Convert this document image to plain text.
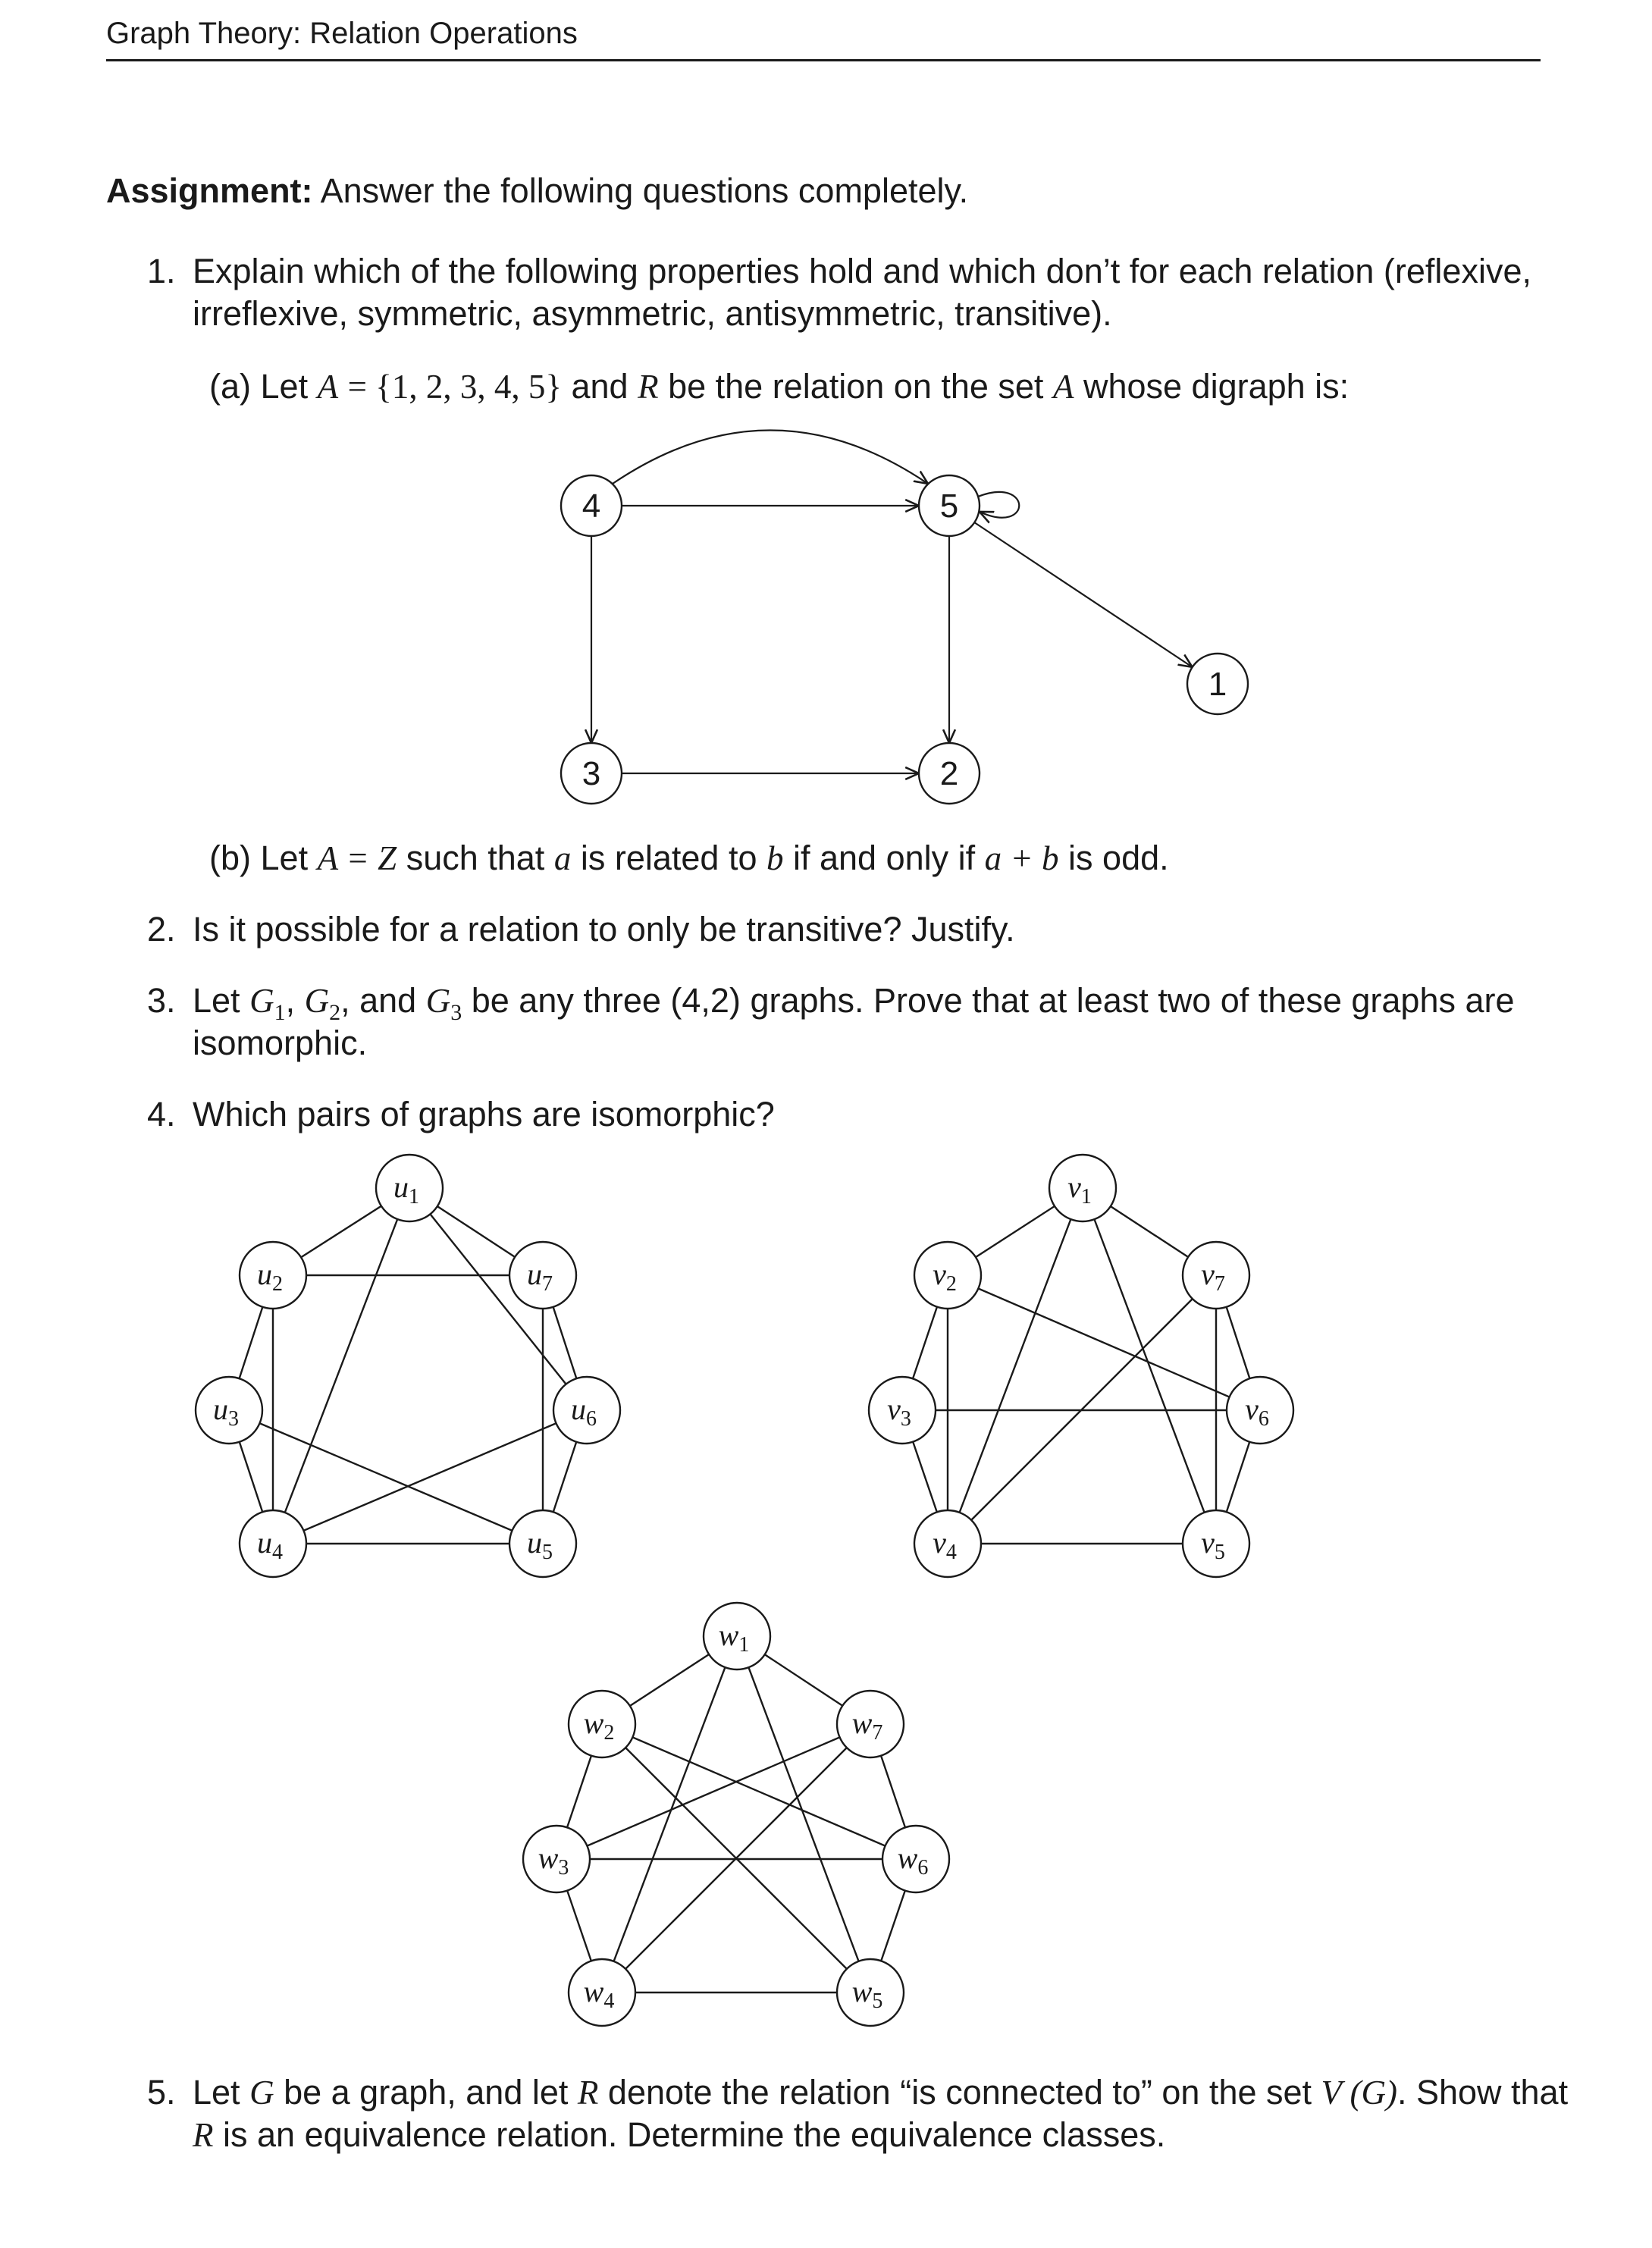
Graph Theory: Relation Operations
Assignment: Answer the following questions completely.
1. Explain which of the following properties hold and which don’t for each relation (reflexive,
irreflexive, symmetric, asymmetric, antisymmetric, transitive).
(a) Let A = {1, 2, 3, 4, 5} and R be the relation on the set A whose digraph is:
4	5
1
3	2
$u_1$
$u_2$
$u_3$
$u_4$	$u_5$
$u_6$
$u_7$
$v_1$
$v_2$
$v_3$
$v_4$	$v_5$
$v_6$
$v_7$
$w_1$
$w_2$
$w_3$
$w_4$	$w_5$
$w_6$
$w_7$
(b) Let A = Z such that a is related to b if and only if a + b is odd.
2. Is it possible for a relation to only be transitive? Justify.
3. Let $G_1$, $G_2$, and $G_3$ be any three (4,2) graphs. Prove that at least two of these graphs are
isomorphic.
4. Which pairs of graphs are isomorphic?
5. Let G be a graph, and let R denote the relation “is connected to” on the set V (G). Show that
R is an equivalence relation. Determine the equivalence classes.
